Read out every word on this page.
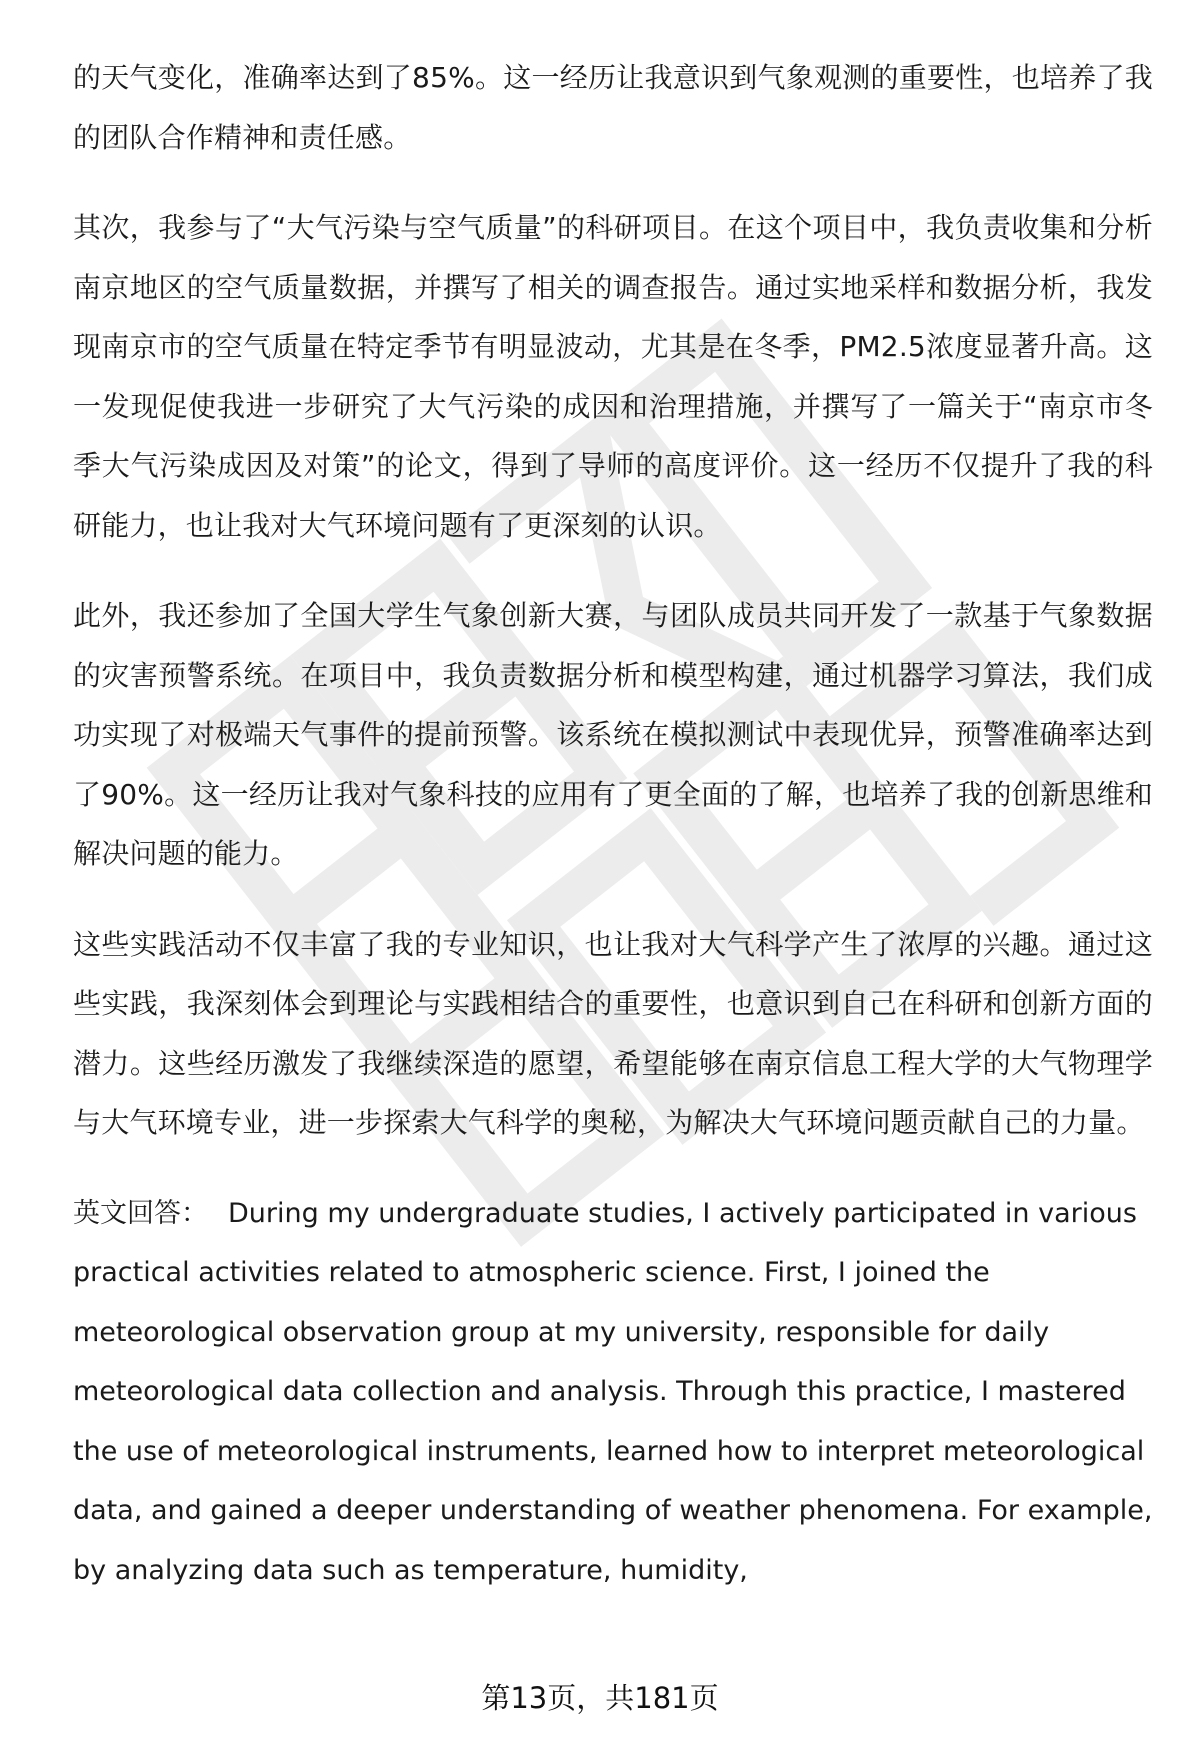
的天气变化，准确率达到了85%。这一经历让我意识到气象观测的重要性，也培养了我的团队合作精神和责任感。

其次，我参与了“大气污染与空气质量”的科研项目。在这个项目中，我负责收集和分析南京地区的空气质量数据，并撰写了相关的调查报告。通过实地采样和数据分析，我发现南京市的空气质量在特定季节有明显波动，尤其是在冬季，PM2.5浓度显著升高。这一发现促使我进一步研究了大气污染的成因和治理措施，并撰写了一篇关于“南京市冬季大气污染成因及对策”的论文，得到了导师的高度评价。这一经历不仅提升了我的科研能力，也让我对大气环境问题有了更深刻的认识。

此外，我还参加了全国大学生气象创新大赛，与团队成员共同开发了一款基于气象数据的灾害预警系统。在项目中，我负责数据分析和模型构建，通过机器学习算法，我们成功实现了对极端天气事件的提前预警。该系统在模拟测试中表现优异，预警准确率达到了90%。这一经历让我对气象科技的应用有了更全面的了解，也培养了我的创新思维和解决问题的能力。

这些实践活动不仅丰富了我的专业知识，也让我对大气科学产生了浓厚的兴趣。通过这些实践，我深刻体会到理论与实践相结合的重要性，也意识到自己在科研和创新方面的潜力。这些经历激发了我继续深造的愿望，希望能够在南京信息工程大学的大气物理学与大气环境专业，进一步探索大气科学的奥秘，为解决大气环境问题贡献自己的力量。

英文回答： During my undergraduate studies, I actively participated in various practical activities related to atmospheric science. First, I joined the meteorological observation group at my university, responsible for daily meteorological data collection and analysis. Through this practice, I mastered the use of meteorological instruments, learned how to interpret meteorological data, and gained a deeper understanding of weather phenomena. For example, by analyzing data such as temperature, humidity,

第13页，共181页
